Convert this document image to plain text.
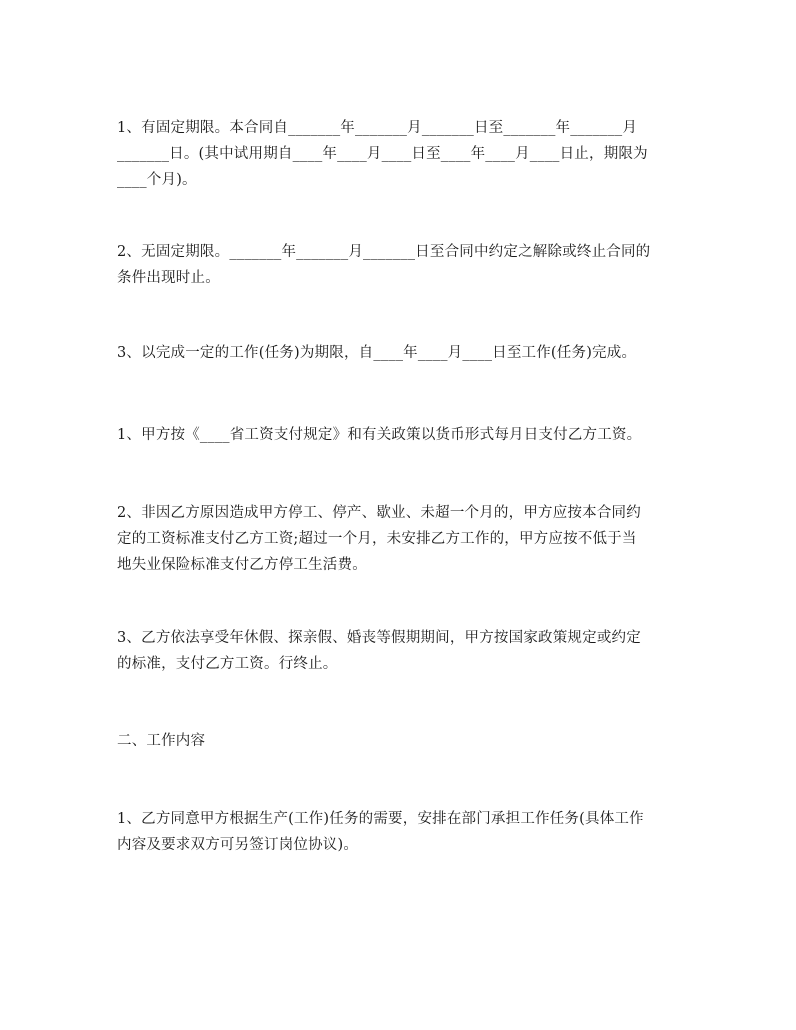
1、有固定期限。本合同自_______年_______月_______日至_______年_______月
_______日。(其中试用期自____年____月____日至____年____月____日止，期限为
____个月)。

2、无固定期限。_______年_______月_______日至合同中约定之解除或终止合同的
条件出现时止。

3、以完成一定的工作(任务)为期限，自____年____月____日至工作(任务)完成。

1、甲方按《____省工资支付规定》和有关政策以货币形式每月日支付乙方工资。

2、非因乙方原因造成甲方停工、停产、歇业、未超一个月的，甲方应按本合同约
定的工资标准支付乙方工资;超过一个月，未安排乙方工作的，甲方应按不低于当
地失业保险标准支付乙方停工生活费。

3、乙方依法享受年休假、探亲假、婚丧等假期期间，甲方按国家政策规定或约定
的标准，支付乙方工资。行终止。

二、工作内容

1、乙方同意甲方根据生产(工作)任务的需要，安排在部门承担工作任务(具体工作
内容及要求双方可另签订岗位协议)。
